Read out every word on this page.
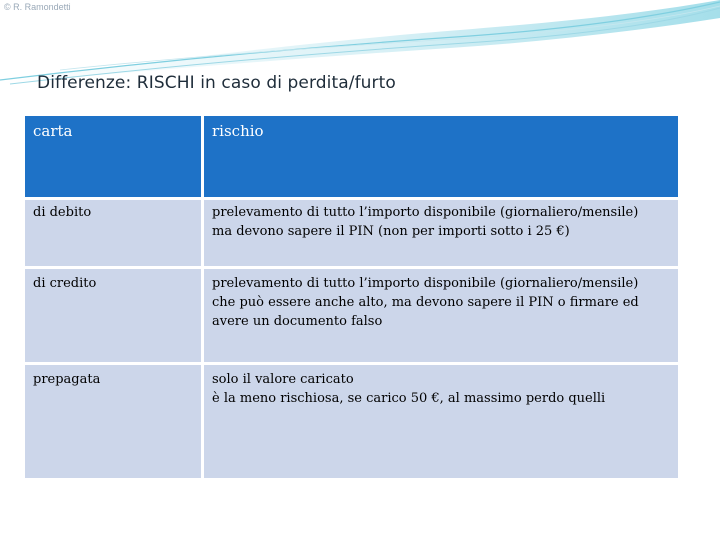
© R. Ramondetti
Differenze: RISCHI in caso di perdita/furto
carta	rischio
di debito	prelevamento di tutto l’importo disponibile (giornaliero/mensile)
ma devono sapere il PIN (non per importi sotto i 25 €)

di credito	prelevamento di tutto l’importo disponibile (giornaliero/mensile)
che può essere anche alto, ma devono sapere il PIN o firmare ed
avere un documento falso

prepagata	solo il valore caricato
è la meno rischiosa, se carico 50 €, al massimo perdo quelli
